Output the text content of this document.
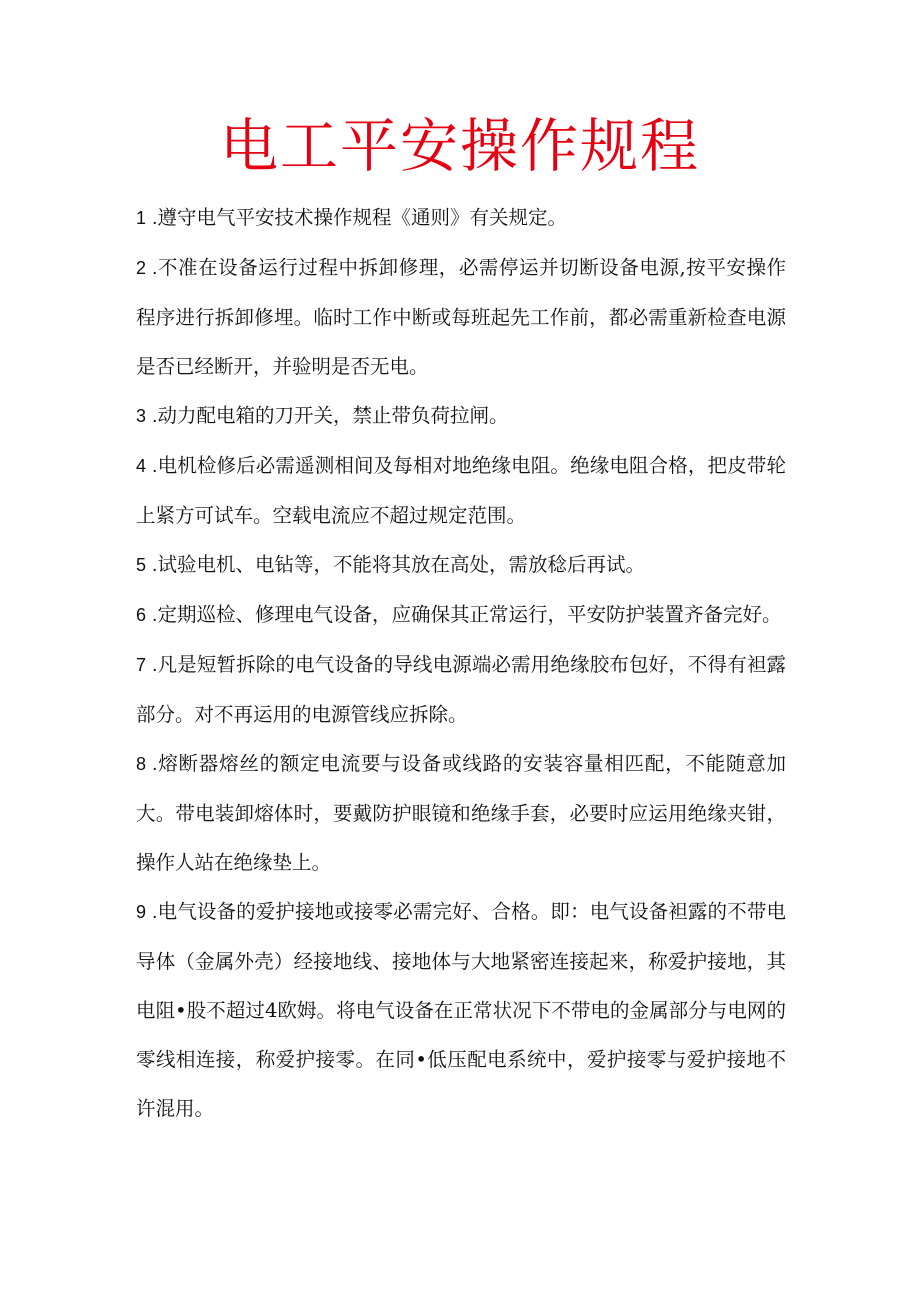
电工平安操作规程
1 .遵守电气平安技术操作规程《通则》有关规定。
2 .不准在设备运行过程中拆卸修理，必需停运并切断设备电源,按平安操作程序进行拆卸修埋。临时工作中断或每班起先工作前，都必需重新检查电源是否已经断开，并验明是否无电。
3 .动力配电箱的刀开关，禁止带负荷拉闸。
4 .电机检修后必需遥测相间及每相对地绝缘电阻。绝缘电阻合格，把皮带轮上紧方可试车。空载电流应不超过规定范围。
5 .试验电机、电钻等，不能将其放在高处，需放稔后再试。
6 .定期巡检、修理电气设备，应确保其正常运行，平安防护装置齐备完好。
7 .凡是短暂拆除的电气设备的导线电源端必需用绝缘胶布包好，不得有袒露部分。对不再运用的电源管线应拆除。
8 .熔断器熔丝的额定电流要与设备或线路的安装容量相匹配，不能随意加大。带电装卸熔体时，要戴防护眼镜和绝缘手套，必要时应运用绝缘夹钳，操作人站在绝缘垫上。
9 .电气设备的爱护接地或接零必需完好、合格。即：电气设备袒露的不带电导体（金属外壳）经接地线、接地体与大地紧密连接起来，称爱护接地，其电阻•股不超过4欧姆。将电气设备在正常状况下不带电的金属部分与电网的零线相连接，称爱护接零。在同•低压配电系统中，爱护接零与爱护接地不许混用。
